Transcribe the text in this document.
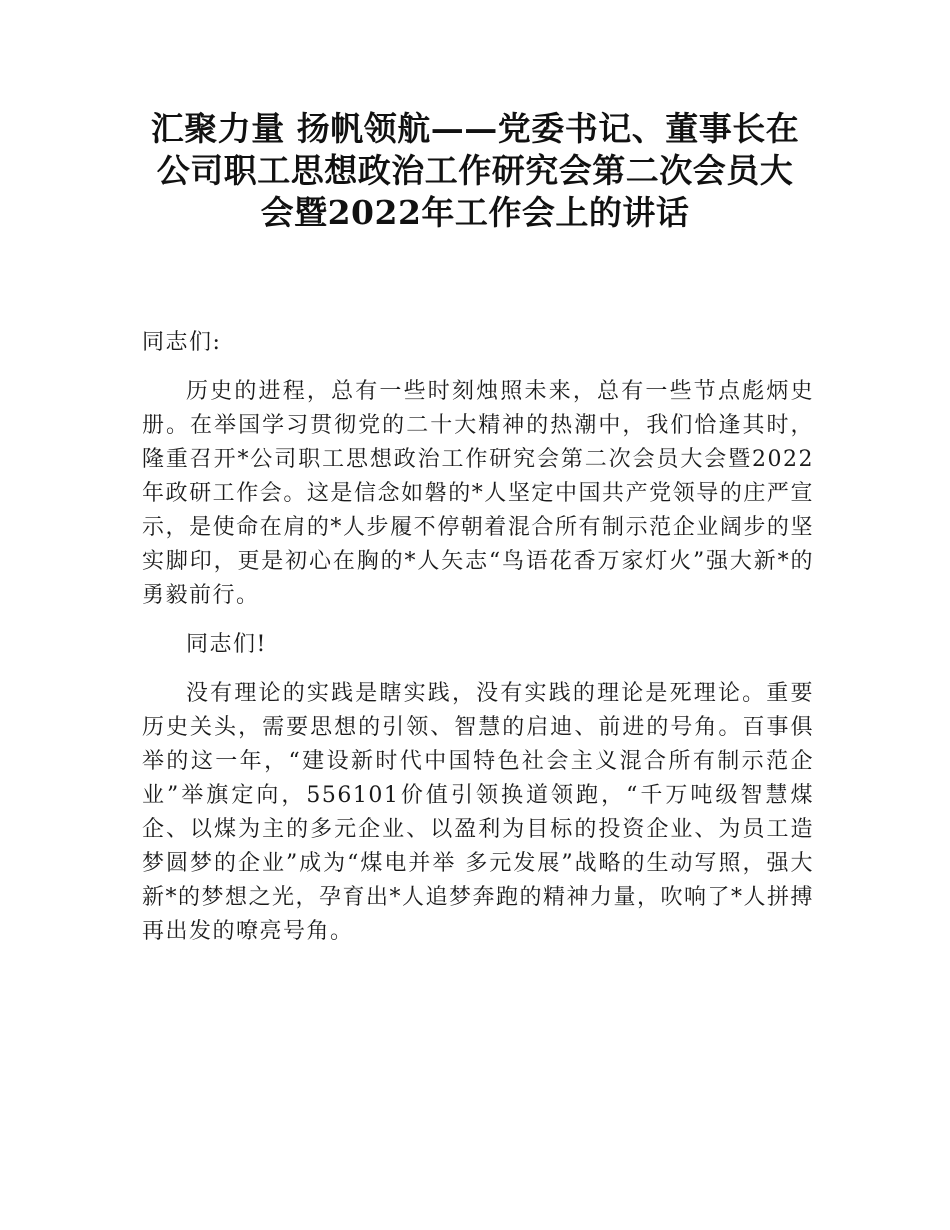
汇聚力量 扬帆领航——党委书记、董事长在
公司职工思想政治工作研究会第二次会员大
会暨2022年工作会上的讲话

同志们:

历史的进程，总有一些时刻烛照未来，总有一些节点彪炳史册。在举国学习贯彻党的二十大精神的热潮中，我们恰逢其时，隆重召开*公司职工思想政治工作研究会第二次会员大会暨2022年政研工作会。这是信念如磐的*人坚定中国共产党领导的庄严宣示，是使命在肩的*人步履不停朝着混合所有制示范企业阔步的坚实脚印，更是初心在胸的*人矢志“鸟语花香万家灯火”强大新*的勇毅前行。

同志们!

没有理论的实践是瞎实践，没有实践的理论是死理论。重要历史关头，需要思想的引领、智慧的启迪、前进的号角。百事俱举的这一年，“建设新时代中国特色社会主义混合所有制示范企业”举旗定向，556101价值引领换道领跑，“千万吨级智慧煤企、以煤为主的多元企业、以盈利为目标的投资企业、为员工造梦圆梦的企业”成为“煤电并举 多元发展”战略的生动写照，强大新*的梦想之光，孕育出*人追梦奔跑的精神力量，吹响了*人拼搏再出发的嘹亮号角。
